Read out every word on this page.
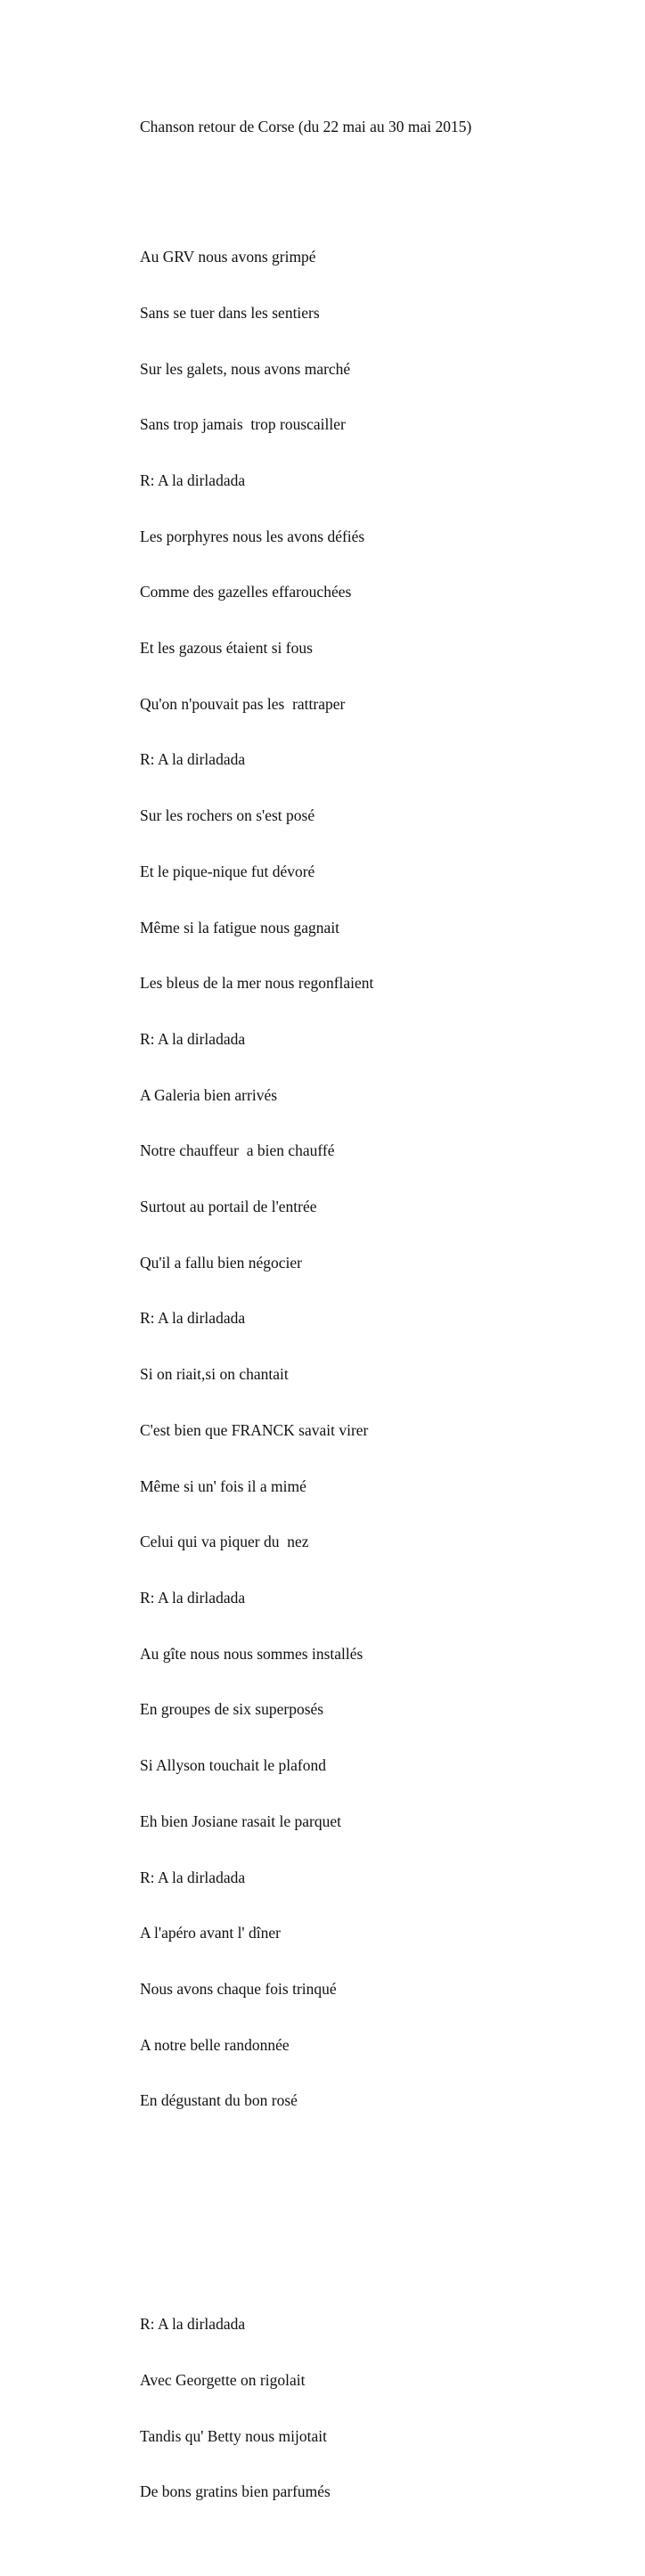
Chanson retour de Corse (du 22 mai au 30 mai 2015)

Au GRV nous avons grimpé

Sans se tuer dans les sentiers

Sur les galets, nous avons marché

Sans trop jamais  trop rouscailler

R: A la dirladada

Les porphyres nous les avons défiés

Comme des gazelles effarouchées

Et les gazous étaient si fous

Qu'on n'pouvait pas les  rattraper

R: A la dirladada

Sur les rochers on s'est posé

Et le pique-nique fut dévoré

Même si la fatigue nous gagnait

Les bleus de la mer nous regonflaient

R: A la dirladada

A Galeria bien arrivés

Notre chauffeur  a bien chauffé

Surtout au portail de l'entrée

Qu'il a fallu bien négocier

R: A la dirladada

Si on riait,si on chantait

C'est bien que FRANCK savait virer

Même si un' fois il a mimé

Celui qui va piquer du  nez

R: A la dirladada

Au gîte nous nous sommes installés

En groupes de six superposés

Si Allyson touchait le plafond

Eh bien Josiane rasait le parquet

R: A la dirladada

A l'apéro avant l' dîner

Nous avons chaque fois trinqué

A notre belle randonnée

En dégustant du bon rosé

R: A la dirladada

Avec Georgette on rigolait

Tandis qu' Betty nous mijotait

De bons gratins bien parfumés
